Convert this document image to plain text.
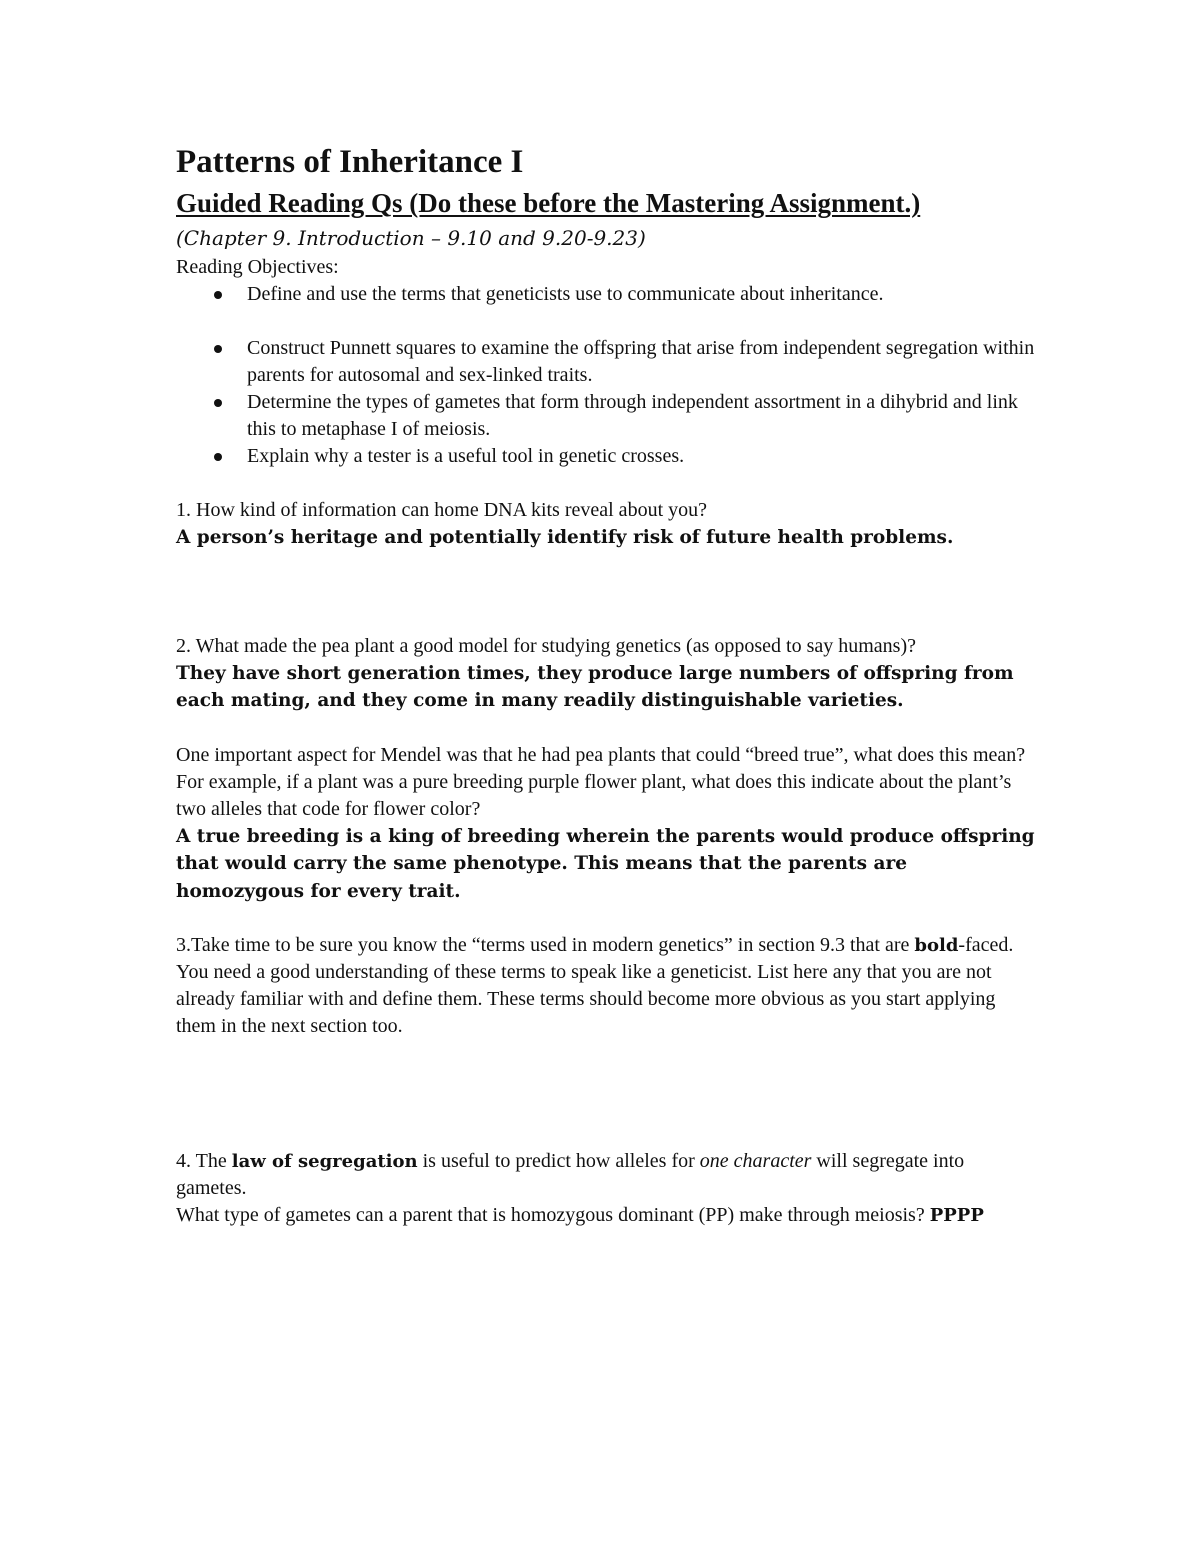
Patterns of Inheritance I
Guided Reading Qs (Do these before the Mastering Assignment.)
(Chapter 9. Introduction – 9.10 and 9.20-9.23)

Reading Objectives:

Define and use the terms that geneticists use to communicate about inheritance.
Construct Punnett squares to examine the offspring that arise from independent segregation within parents for autosomal and sex-linked traits.
Determine the types of gametes that form through independent assortment in a dihybrid and link this to metaphase I of meiosis.
Explain why a tester is a useful tool in genetic crosses.

1. How kind of information can home DNA kits reveal about you?

A person’s heritage and potentially identify risk of future health problems.

2. What made the pea plant a good model for studying genetics (as opposed to say humans)?

They have short generation times, they produce large numbers of offspring from each mating, and they come in many readily distinguishable varieties.

One important aspect for Mendel was that he had pea plants that could “breed true”, what does this mean? For example, if a plant was a pure breeding purple flower plant, what does this indicate about the plant’s two alleles that code for flower color?

A true breeding is a king of breeding wherein the parents would produce offspring that would carry the same phenotype. This means that the parents are homozygous for every trait.

3.Take time to be sure you know the “terms used in modern genetics” in section 9.3 that are bold-faced. You need a good understanding of these terms to speak like a geneticist. List here any that you are not already familiar with and define them. These terms should become more obvious as you start applying them in the next section too.

4. The law of segregation is useful to predict how alleles for one character will segregate into gametes.

What type of gametes can a parent that is homozygous dominant (PP) make through meiosis? PPPP
